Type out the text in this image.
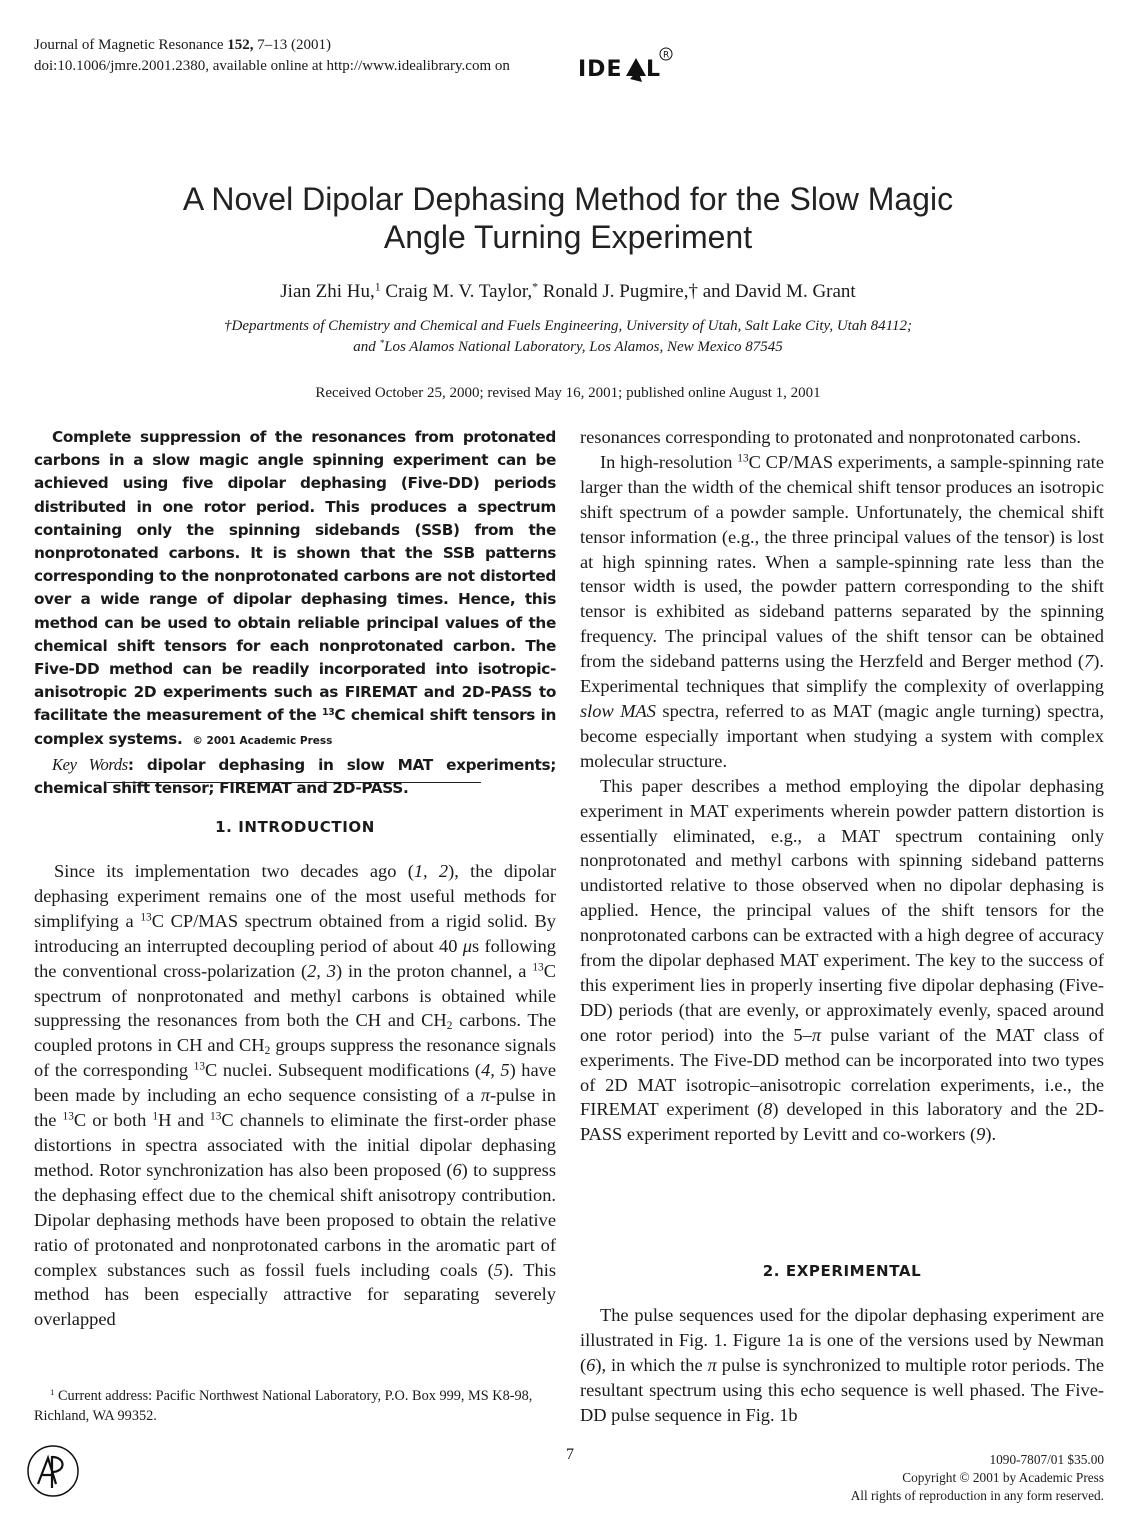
Journal of Magnetic Resonance 152, 7–13 (2001)
doi:10.1006/jmre.2001.2380, available online at http://www.idealibrary.com on	IDE L
R
A Novel Dipolar Dephasing Method for the Slow Magic
Angle Turning Experiment
Jian Zhi Hu,$^1$ Craig M. V. Taylor,* Ronald J. Pugmire,† and David M. Grant
†Departments of Chemistry and Chemical and Fuels Engineering, University of Utah, Salt Lake City, Utah 84112;
and *Los Alamos National Laboratory, Los Alamos, New Mexico 87545
Received October 25, 2000; revised May 16, 2001; published online August 1, 2001

Complete suppression of the resonances from protonated carbons in a slow magic angle spinning experiment can be achieved using five dipolar dephasing (Five-DD) periods distributed in one rotor period. This produces a spectrum containing only the spinning sidebands (SSB) from the nonprotonated carbons. It is shown that the SSB patterns corresponding to the nonprotonated carbons are not distorted over a wide range of dipolar dephasing times. Hence, this method can be used to obtain reliable principal values of the chemical shift tensors for each nonprotonated carbon. The Five-DD method can be readily incorporated into isotropic-anisotropic 2D experiments such as FIREMAT and 2D-PASS to facilitate the measurement of the $^{13}$C chemical shift tensors in complex systems. © 2001 Academic Press

Key Words: dipolar dephasing in slow MAT experiments; chemical shift tensor; FIREMAT and 2D-PASS.

1. INTRODUCTION

Since its implementation two decades ago (1, 2), the dipolar dephasing experiment remains one of the most useful methods for simplifying a $^{13}$C CP/MAS spectrum obtained from a rigid solid. By introducing an interrupted decoupling period of about 40 μs following the conventional cross-polarization (2, 3) in the proton channel, a $^{13}$C spectrum of nonprotonated and methyl carbons is obtained while suppressing the resonances from both the CH and $CH_2$ carbons. The coupled protons in CH and $CH_2$ groups suppress the resonance signals of the corresponding $^{13}$C nuclei. Subsequent modifications (4, 5) have been made by including an echo sequence consisting of a π-pulse in the $^{13}$C or both $^1$H and $^{13}$C channels to eliminate the first-order phase distortions in spectra associated with the initial dipolar dephasing method. Rotor synchronization has also been proposed (6) to suppress the dephasing effect due to the chemical shift anisotropy contribution. Dipolar dephasing methods have been proposed to obtain the relative ratio of protonated and nonprotonated carbons in the aromatic part of complex substances such as fossil fuels including coals (5). This method has been especially attractive for separating severely overlapped

$^1$ Current address: Pacific Northwest National Laboratory, P.O. Box 999, MS K8-98, Richland, WA 99352.

resonances corresponding to protonated and nonprotonated carbons.

In high-resolution $^{13}$C CP/MAS experiments, a sample-spinning rate larger than the width of the chemical shift tensor produces an isotropic shift spectrum of a powder sample. Unfortunately, the chemical shift tensor information (e.g., the three principal values of the tensor) is lost at high spinning rates. When a sample-spinning rate less than the tensor width is used, the powder pattern corresponding to the shift tensor is exhibited as sideband patterns separated by the spinning frequency. The principal values of the shift tensor can be obtained from the sideband patterns using the Herzfeld and Berger method (7). Experimental techniques that simplify the complexity of overlapping slow MAS spectra, referred to as MAT (magic angle turning) spectra, become especially important when studying a system with complex molecular structure.

This paper describes a method employing the dipolar dephasing experiment in MAT experiments wherein powder pattern distortion is essentially eliminated, e.g., a MAT spectrum containing only nonprotonated and methyl carbons with spinning sideband patterns undistorted relative to those observed when no dipolar dephasing is applied. Hence, the principal values of the shift tensors for the nonprotonated carbons can be extracted with a high degree of accuracy from the dipolar dephased MAT experiment. The key to the success of this experiment lies in properly inserting five dipolar dephasing (Five-DD) periods (that are evenly, or approximately evenly, spaced around one rotor period) into the 5–π pulse variant of the MAT class of experiments. The Five-DD method can be incorporated into two types of 2D MAT isotropic–anisotropic correlation experiments, i.e., the FIREMAT experiment (8) developed in this laboratory and the 2D-PASS experiment reported by Levitt and co-workers (9).

2. EXPERIMENTAL

The pulse sequences used for the dipolar dephasing experiment are illustrated in Fig. 1. Figure 1a is one of the versions used by Newman (6), in which the π pulse is synchronized to multiple rotor periods. The resultant spectrum using this echo sequence is well phased. The Five-DD pulse sequence in Fig. 1b

7	1090-7807/01 $35.00
Copyright © 2001 by Academic Press
All rights of reproduction in any form reserved.
